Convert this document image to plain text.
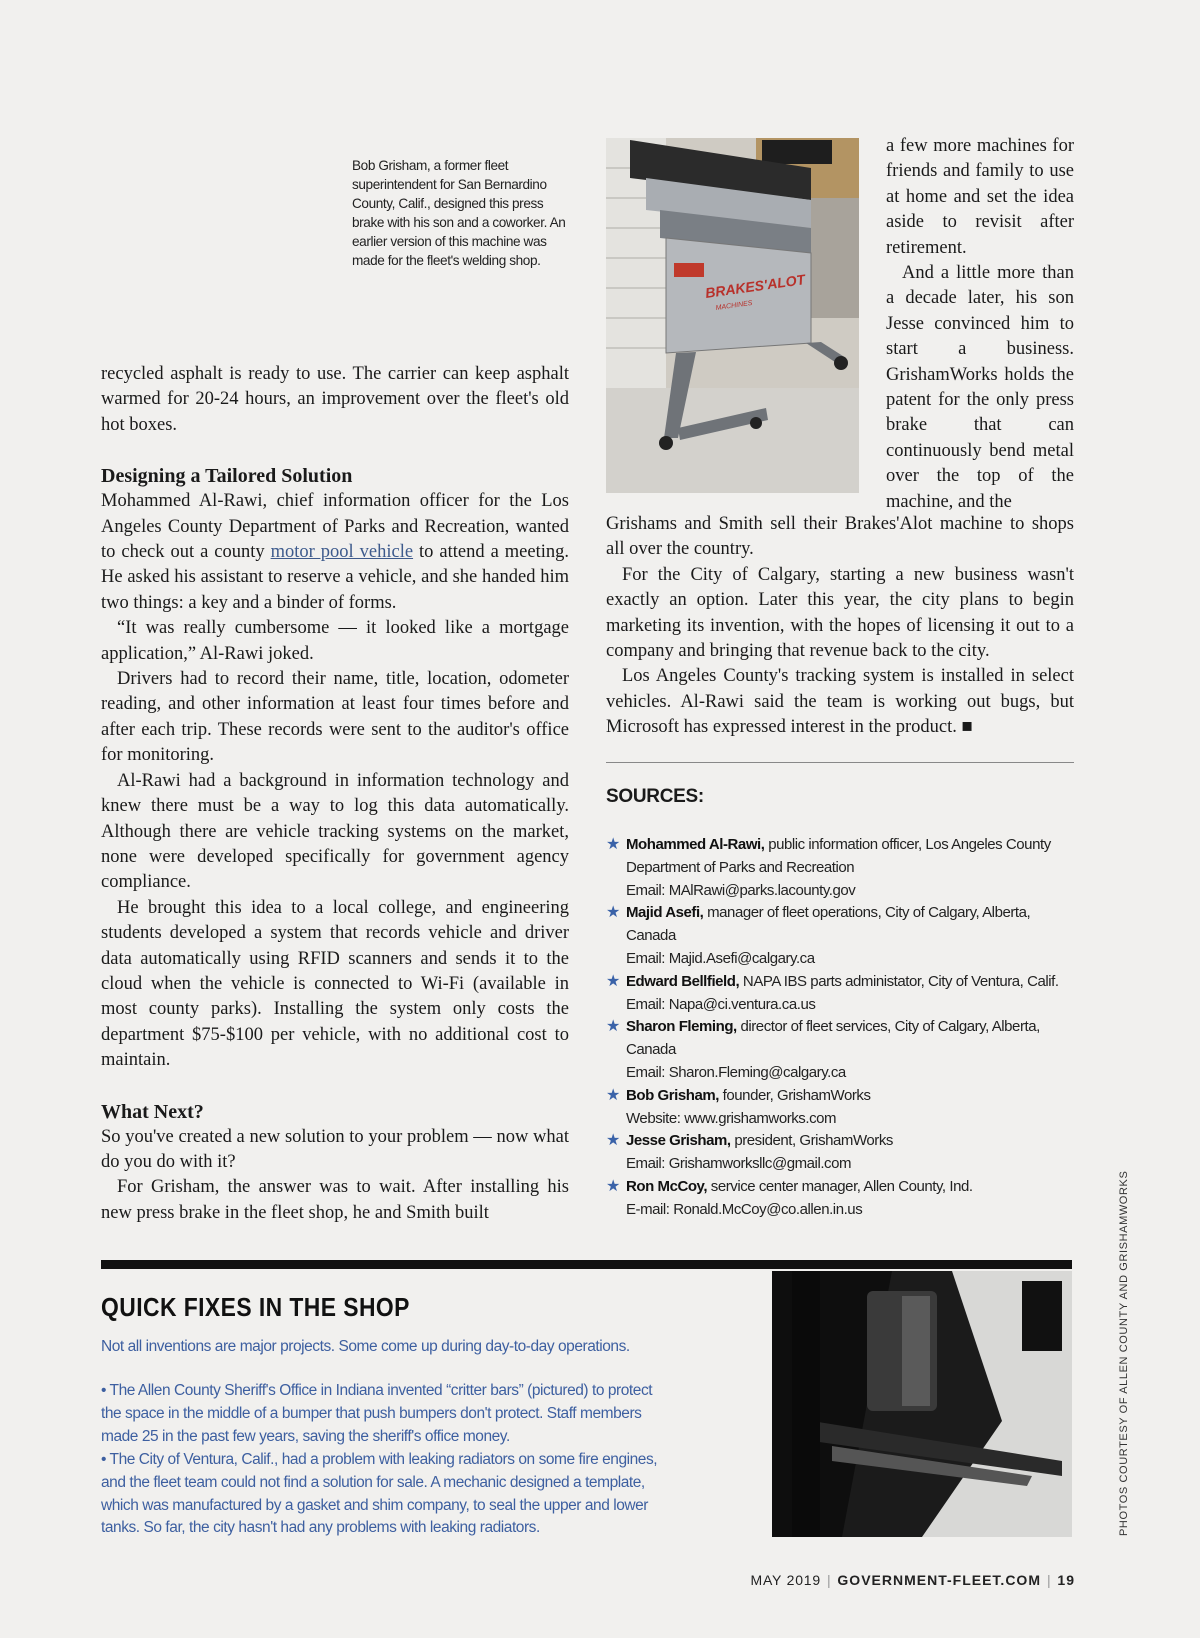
Bob Grisham, a former fleet superintendent for San Bernardino County, Calif., designed this press brake with his son and a coworker. An earlier version of this machine was made for the fleet's welding shop.

recycled asphalt is ready to use. The carrier can keep asphalt warmed for 20-24 hours, an improvement over the fleet's old hot boxes.

Designing a Tailored Solution

Mohammed Al-Rawi, chief information officer for the Los Angeles County Department of Parks and Recreation, wanted to check out a county motor pool vehicle to attend a meeting. He asked his assistant to reserve a vehicle, and she handed him two things: a key and a binder of forms.

“It was really cumbersome — it looked like a mortgage application,” Al-Rawi joked.

Drivers had to record their name, title, location, odometer reading, and other information at least four times before and after each trip. These records were sent to the auditor's office for monitoring.

Al-Rawi had a background in information technology and knew there must be a way to log this data automatically. Although there are vehicle tracking systems on the market, none were developed specifically for government agency compliance.

He brought this idea to a local college, and engineering students developed a system that records vehicle and driver data automatically using RFID scanners and sends it to the cloud when the vehicle is connected to Wi-Fi (available in most county parks). Installing the system only costs the department $75-$100 per vehicle, with no additional cost to maintain.

What Next?

So you've created a new solution to your problem — now what do you do with it?

For Grisham, the answer was to wait. After installing his new press brake in the fleet shop, he and Smith built

BRAKES'ALOT
MACHINES

a few more machines for friends and family to use at home and set the idea aside to revisit after retirement.

And a little more than a decade later, his son Jesse convinced him to start a business. GrishamWorks holds the patent for the only press brake that can continuously bend metal over the top of the machine, and the

Grishams and Smith sell their Brakes'Alot machine to shops all over the country.

For the City of Calgary, starting a new business wasn't exactly an option. Later this year, the city plans to begin marketing its invention, with the hopes of licensing it out to a company and bringing that revenue back to the city.

Los Angeles County's tracking system is installed in select vehicles. Al-Rawi said the team is working out bugs, but Microsoft has expressed interest in the product. ■

SOURCES:
★ Mohammed Al-Rawi, public information officer, Los Angeles County Department of Parks and Recreation
Email: MAlRawi@parks.lacounty.gov
★ Majid Asefi, manager of fleet operations, City of Calgary, Alberta, Canada
Email: Majid.Asefi@calgary.ca
★ Edward Bellfield, NAPA IBS parts administator, City of Ventura, Calif.
Email: Napa@ci.ventura.ca.us
★ Sharon Fleming, director of fleet services, City of Calgary, Alberta, Canada
Email: Sharon.Fleming@calgary.ca
★ Bob Grisham, founder, GrishamWorks
Website: www.grishamworks.com
★ Jesse Grisham, president, GrishamWorks
Email: Grishamworksllc@gmail.com
★ Ron McCoy, service center manager, Allen County, Ind.
E-mail: Ronald.McCoy@co.allen.in.us
QUICK FIXES IN THE SHOP
Not all inventions are major projects. Some come up during day-to-day operations.

• The Allen County Sheriff's Office in Indiana invented “critter bars” (pictured) to protect the space in the middle of a bumper that push bumpers don't protect. Staff members made 25 in the past few years, saving the sheriff's office money.

• The City of Ventura, Calif., had a problem with leaking radiators on some fire engines, and the fleet team could not find a solution for sale. A mechanic designed a template, which was manufactured by a gasket and shim company, to seal the upper and lower tanks. So far, the city hasn't had any problems with leaking radiators.	PHOTOS COURTESY OF ALLEN COUNTY AND GRISHAMWORKS
MAY 2019 | GOVERNMENT-FLEET.COM | 19
